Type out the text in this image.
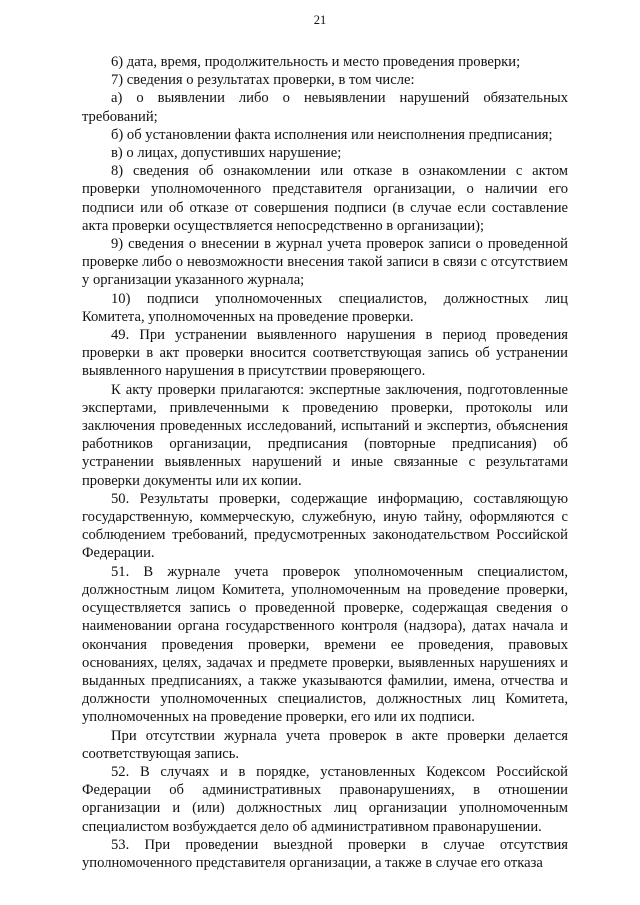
21

6) дата, время, продолжительность и место проведения проверки;

7) сведения о результатах проверки, в том числе:

а) о выявлении либо о невыявлении нарушений обязательных требований;

б) об установлении факта исполнения или неисполнения предписания;

в) о лицах, допустивших нарушение;

8) сведения об ознакомлении или отказе в ознакомлении с актом проверки уполномоченного представителя организации, о наличии его подписи или об отказе от совершения подписи (в случае если составление акта проверки осуществляется непосредственно в организации);

9) сведения о внесении в журнал учета проверок записи о проведенной проверке либо о невозможности внесения такой записи в связи с отсутствием у организации указанного журнала;

10) подписи уполномоченных специалистов, должностных лиц Комитета, уполномоченных на проведение проверки.

49. При устранении выявленного нарушения в период проведения проверки в акт проверки вносится соответствующая запись об устранении выявленного нарушения в присутствии проверяющего.

К акту проверки прилагаются: экспертные заключения, подготовленные экспертами, привлеченными к проведению проверки, протоколы или заключения проведенных исследований, испытаний и экспертиз, объяснения работников организации, предписания (повторные предписания) об устранении выявленных нарушений и иные связанные с результатами проверки документы или их копии.

50. Результаты проверки, содержащие информацию, составляющую государственную, коммерческую, служебную, иную тайну, оформляются с соблюдением требований, предусмотренных законодательством Российской Федерации.

51. В журнале учета проверок уполномоченным специалистом, должностным лицом Комитета, уполномоченным на проведение проверки, осуществляется запись о проведенной проверке, содержащая сведения о наименовании органа государственного контроля (надзора), датах начала и окончания проведения проверки, времени ее проведения, правовых основаниях, целях, задачах и предмете проверки, выявленных нарушениях и выданных предписаниях, а также указываются фамилии, имена, отчества и должности уполномоченных специалистов, должностных лиц Комитета, уполномоченных на проведение проверки, его или их подписи.

При отсутствии журнала учета проверок в акте проверки делается соответствующая запись.

52. В случаях и в порядке, установленных Кодексом Российской Федерации об административных правонарушениях, в отношении организации и (или) должностных лиц организации уполномоченным специалистом возбуждается дело об административном правонарушении.

53. При проведении выездной проверки в случае отсутствия уполномоченного представителя организации, а также в случае его отказа
